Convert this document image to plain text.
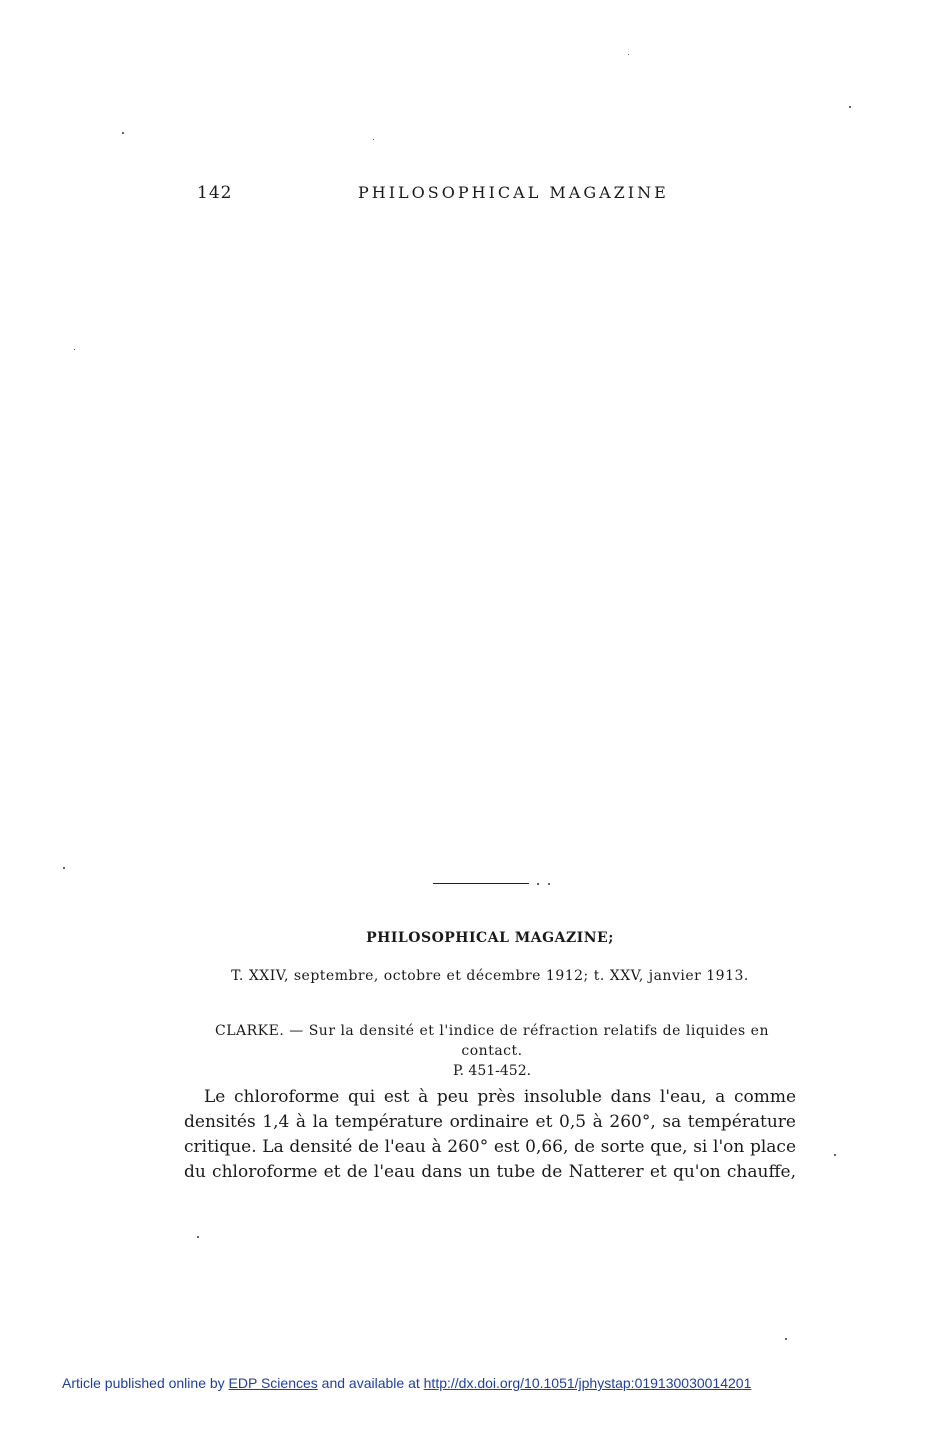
142	PHILOSOPHICAL MAGAZINE
PHILOSOPHICAL MAGAZINE;
T. XXIV, septembre, octobre et décembre 1912; t. XXV, janvier 1913.
CLARKE. — Sur la densité et l'indice de réfraction relatifs de liquides en contact.
P. 451-452.
Le chloroforme qui est à peu près insoluble dans l'eau, a comme
densités 1,4 à la température ordinaire et 0,5 à 260°, sa température
critique. La densité de l'eau à 260° est 0,66, de sorte que, si l'on place
du chloroforme et de l'eau dans un tube de Natterer et qu'on chauffe,
Article published online by EDP Sciences and available at http://dx.doi.org/10.1051/jphystap:019130030014201
